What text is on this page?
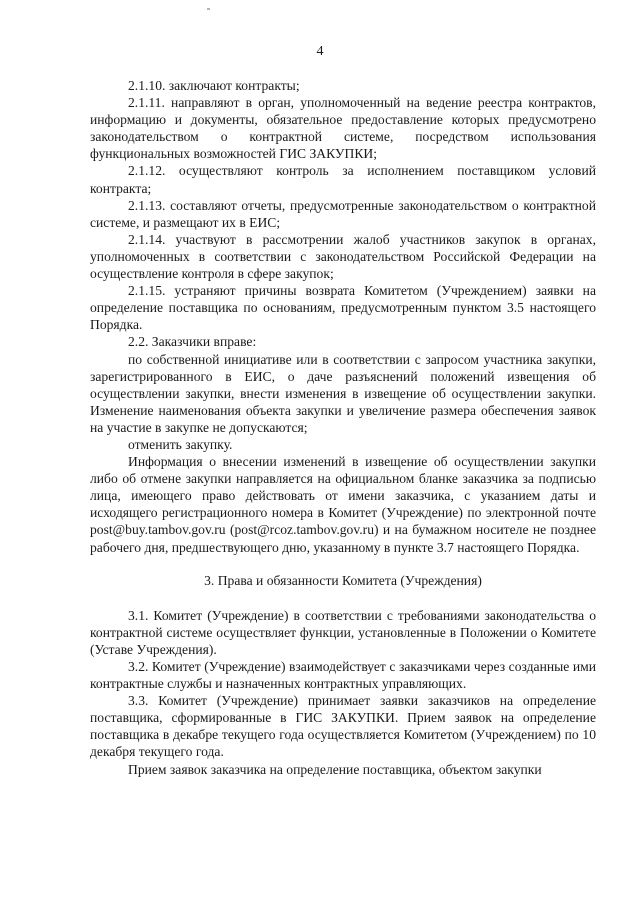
4

2.1.10. заключают контракты;

2.1.11. направляют в орган, уполномоченный на ведение реестра контрактов, информацию и документы, обязательное предоставление которых предусмотрено законодательством о контрактной системе, посредством использования функциональных возможностей ГИС ЗАКУПКИ;

2.1.12. осуществляют контроль за исполнением поставщиком условий контракта;

2.1.13. составляют отчеты, предусмотренные законодательством о контрактной системе, и размещают их в ЕИС;

2.1.14. участвуют в рассмотрении жалоб участников закупок в органах, уполномоченных в соответствии с законодательством Российской Федерации на осуществление контроля в сфере закупок;

2.1.15. устраняют причины возврата Комитетом (Учреждением) заявки на определение поставщика по основаниям, предусмотренным пунктом 3.5 настоящего Порядка.

2.2. Заказчики вправе:

по собственной инициативе или в соответствии с запросом участника закупки, зарегистрированного в ЕИС, о даче разъяснений положений извещения об осуществлении закупки, внести изменения в извещение об осуществлении закупки. Изменение наименования объекта закупки и увеличение размера обеспечения заявок на участие в закупке не допускаются;

отменить закупку.

Информация о внесении изменений в извещение об осуществлении закупки либо об отмене закупки направляется на официальном бланке заказчика за подписью лица, имеющего право действовать от имени заказчика, с указанием даты и исходящего регистрационного номера в Комитет (Учреждение) по электронной почте post@buy.tambov.gov.ru (post@rcoz.tambov.gov.ru) и на бумажном носителе не позднее рабочего дня, предшествующего дню, указанному в пункте 3.7 настоящего Порядка.

3. Права и обязанности Комитета (Учреждения)

3.1. Комитет (Учреждение) в соответствии с требованиями законодательства о контрактной системе осуществляет функции, установленные в Положении о Комитете (Уставе Учреждения).

3.2. Комитет (Учреждение) взаимодействует с заказчиками через созданные ими контрактные службы и назначенных контрактных управляющих.

3.3. Комитет (Учреждение) принимает заявки заказчиков на определение поставщика, сформированные в ГИС ЗАКУПКИ. Прием заявок на определение поставщика в декабре текущего года осуществляется Комитетом (Учреждением) по 10 декабря текущего года.

Прием заявок заказчика на определение поставщика, объектом закупки
